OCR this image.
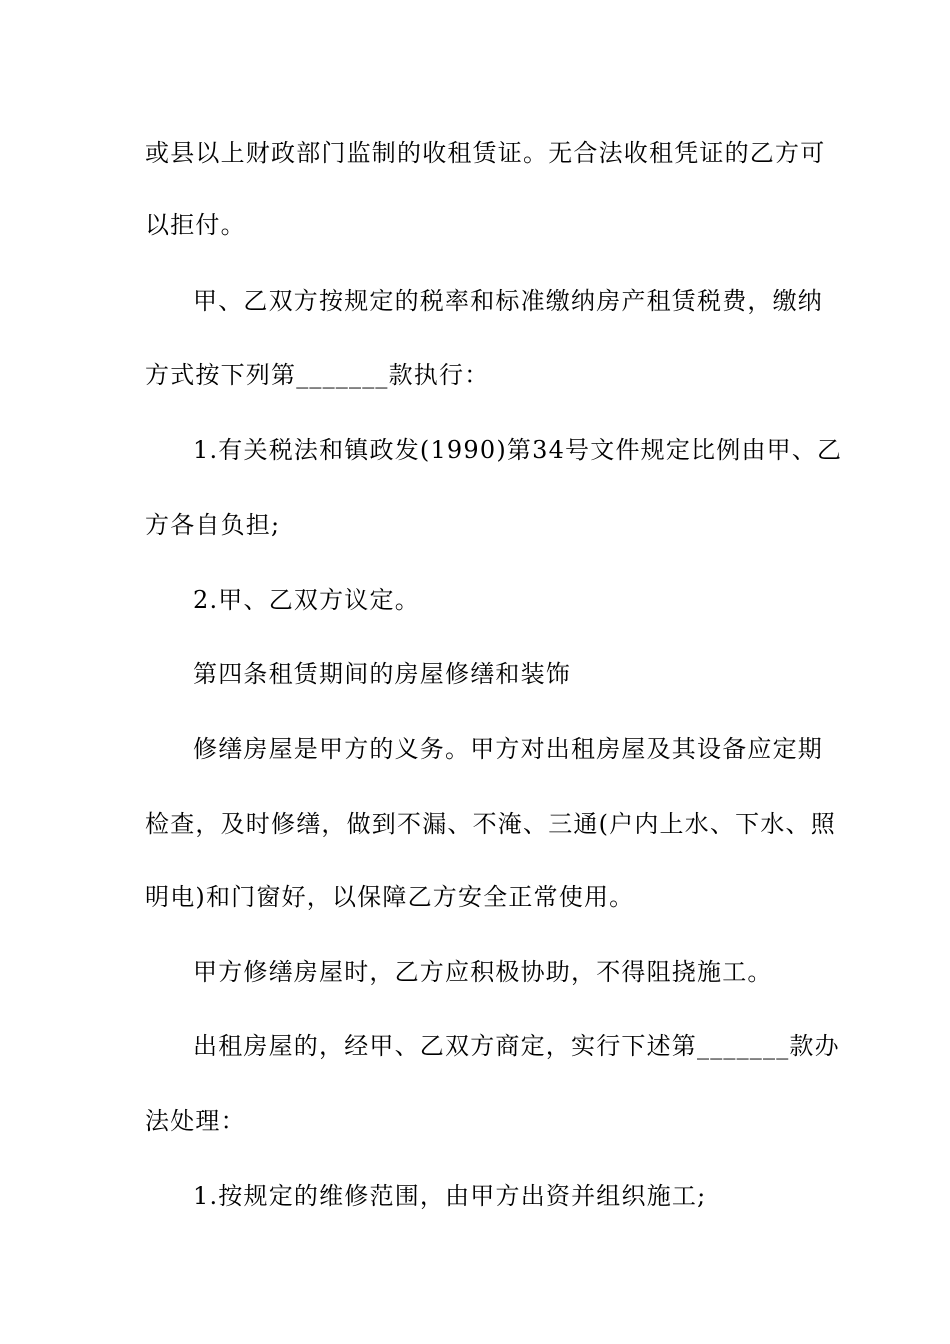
或县以上财政部门监制的收租赁证。无合法收租凭证的乙方可
以拒付。
甲、乙双方按规定的税率和标准缴纳房产租赁税费，缴纳
方式按下列第_______款执行：
1.有关税法和镇政发(1990)第34号文件规定比例由甲、乙
方各自负担;
2.甲、乙双方议定。
第四条租赁期间的房屋修缮和装饰
修缮房屋是甲方的义务。甲方对出租房屋及其设备应定期
检查，及时修缮，做到不漏、不淹、三通(户内上水、下水、照
明电)和门窗好，以保障乙方安全正常使用。
甲方修缮房屋时，乙方应积极协助，不得阻挠施工。
出租房屋的，经甲、乙双方商定，实行下述第_______款办
法处理：
1.按规定的维修范围，由甲方出资并组织施工;
